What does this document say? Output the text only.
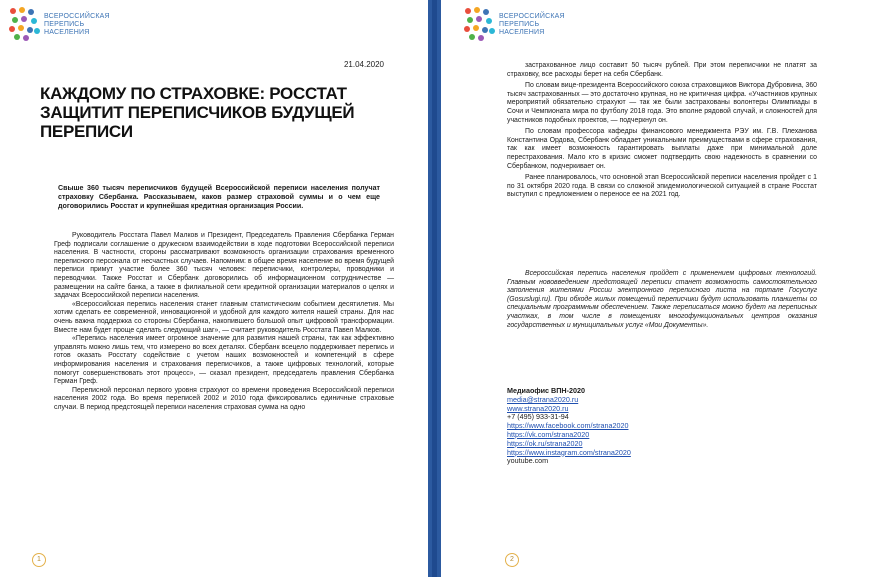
ВСЕРОССИЙСКАЯ
ПЕРЕПИСЬ
НАСЕЛЕНИЯ
21.04.2020
КАЖДОМУ ПО СТРАХОВКЕ: РОССТАТ ЗАЩИТИТ ПЕРЕПИСЧИКОВ БУДУЩЕЙ ПЕРЕПИСИ

Свыше 360 тысяч переписчиков будущей Всероссийской переписи населения получат страховку Сбербанка. Рассказываем, каков размер страховой суммы и о чем еще договорились Росстат и крупнейшая кредитная организация России.

Руководитель Росстата Павел Малков и Президент, Председатель Правления Сбербанка Герман Греф подписали соглашение о дружеском взаимодействии в ходе подготовки Всероссийской переписи населения. В частности, стороны рассматривают возможность организации страхования временного переписного персонала от несчастных случаев. Напомним: в общее время население во время будущей переписи примут участие более 360 тысяч человек: переписчики, контролеры, проводники и переводчики. Также Росстат и Сбербанк договорились об информационном сотрудничестве — размещении на сайте банка, а также в филиальной сети кредитной организации материалов о целях и задачах Всероссийской переписи населения.

«Всероссийская перепись населения станет главным статистическим событием десятилетия. Мы хотим сделать ее современной, инновационной и удобной для каждого жителя нашей страны. Для нас очень важна поддержка со стороны Сбербанка, накопившего большой опыт цифровой трансформации. Вместе нам будет проще сделать следующий шаг», — считает руководитель Росстата Павел Малков.

«Перепись населения имеет огромное значение для развития нашей страны, так как эффективно управлять можно лишь тем, что измерено во всех деталях. Сбербанк всецело поддерживает перепись и готов оказать Росстату содействие с учетом наших возможностей и компетенций в сфере информирования населения и страхования переписчиков, а также цифровых технологий, которые помогут совершенствовать этот процесс», — сказал президент, председатель правления Сбербанка Герман Греф.

Переписной персонал первого уровня страхуют со времени проведения Всероссийской переписи населения 2002 года. Во время переписей 2002 и 2010 года фиксировались единичные страховые случаи. В период предстоящей переписи населения страховая сумма на одно

1
ВСЕРОССИЙСКАЯ
ПЕРЕПИСЬ
НАСЕЛЕНИЯ

застрахованное лицо составит 50 тысяч рублей. При этом переписчики не платят за страховку, все расходы берет на себя Сбербанк.

По словам вице-президента Всероссийского союза страховщиков Виктора Дубровина, 360 тысяч застрахованных — это достаточно крупная, но не критичная цифра. «Участников крупных мероприятий обязательно страхуют — так же были застрахованы волонтеры Олимпиады в Сочи и Чемпионата мира по футболу 2018 года. Это вполне рядовой случай, и сложностей для участников подобных проектов, — подчеркнул он.

По словам профессора кафедры финансового менеджмента РЭУ им. Г.В. Плеханова Константина Ордова, Сбербанк обладает уникальными преимуществами в сфере страхования, так как имеет возможность гарантировать выплаты даже при минимальной доле перестрахования. Мало кто в кризис сможет подтвердить свою надежность в сравнении со Сбербанком, подчеркивает он.

Ранее планировалось, что основной этап Всероссийской переписи населения пройдет с 1 по 31 октября 2020 года. В связи со сложной эпидемиологической ситуацией в стране Росстат выступил с предложением о переносе ее на 2021 год.

Всероссийская перепись населения пройдет с применением цифровых технологий. Главным нововведением предстоящей переписи станет возможность самостоятельного заполнения жителями России электронного переписного листа на портале Госуслуг (Gosuslugi.ru). При обходе жилых помещений переписчики будут использовать планшеты со специальным программным обеспечением. Также переписаться можно будет на переписных участках, в том числе в помещениях многофункциональных центров оказания государственных и муниципальных услуг «Мои Документы».

Медиаофис ВПН-2020
media@strana2020.ru
www.strana2020.ru
+7 (495) 933-31-94
https://www.facebook.com/strana2020
https://vk.com/strana2020
https://ok.ru/strana2020
https://www.instagram.com/strana2020
youtube.com
2
